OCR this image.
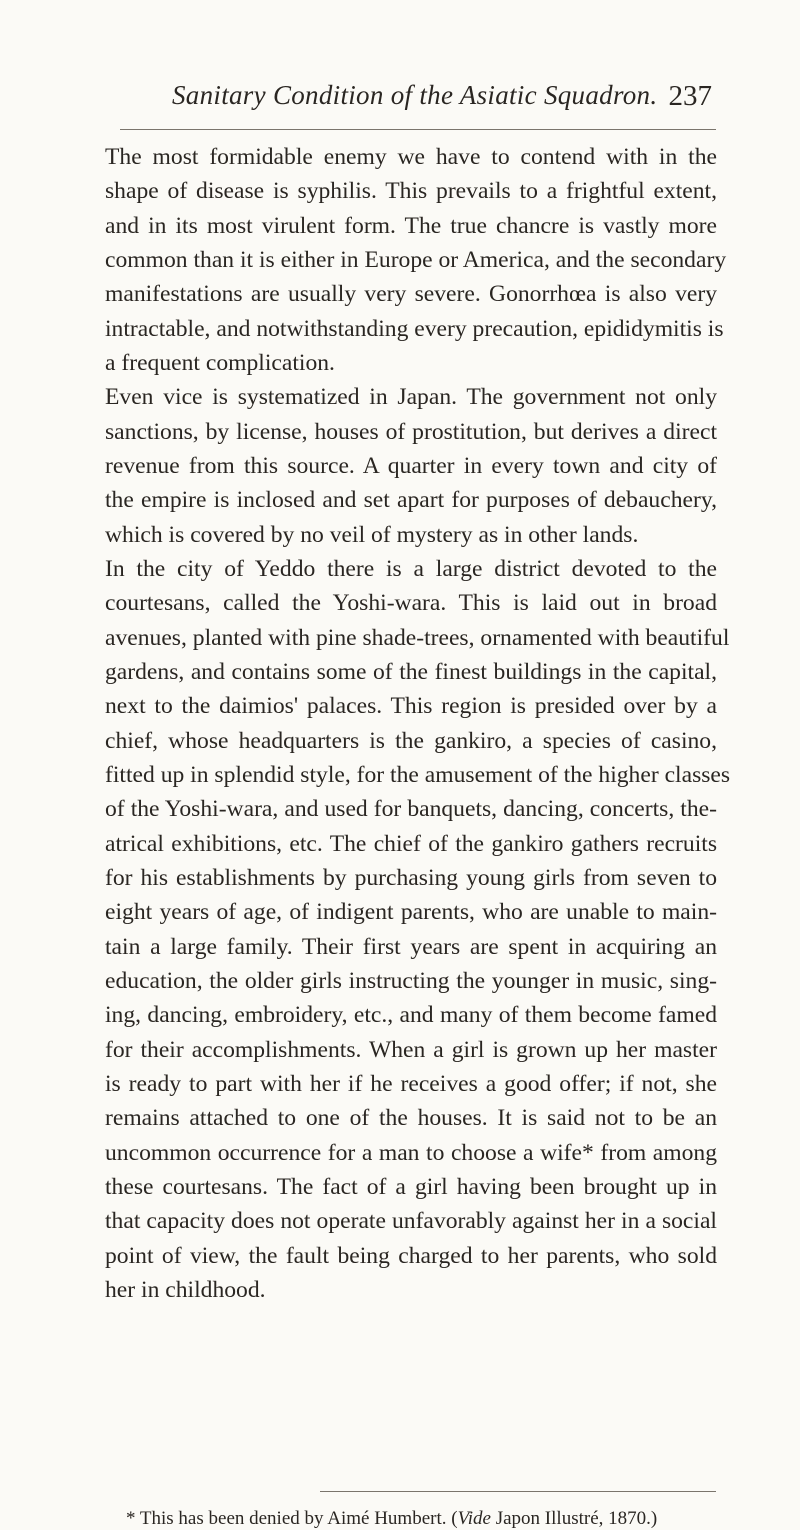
Sanitary Condition of the Asiatic Squadron. 237
The most formidable enemy we have to contend with in the
shape of disease is syphilis. This prevails to a frightful extent,
and in its most virulent form. The true chancre is vastly more
common than it is either in Europe or America, and the secondary
manifestations are usually very severe. Gonorrhœa is also very
intractable, and notwithstanding every precaution, epididymitis is
a frequent complication.
Even vice is systematized in Japan. The government not only
sanctions, by license, houses of prostitution, but derives a direct
revenue from this source. A quarter in every town and city of
the empire is inclosed and set apart for purposes of debauchery,
which is covered by no veil of mystery as in other lands.
In the city of Yeddo there is a large district devoted to the
courtesans, called the Yoshi-wara. This is laid out in broad
avenues, planted with pine shade-trees, ornamented with beautiful
gardens, and contains some of the finest buildings in the capital,
next to the daimios' palaces. This region is presided over by a
chief, whose headquarters is the gankiro, a species of casino,
fitted up in splendid style, for the amusement of the higher classes
of the Yoshi-wara, and used for banquets, dancing, concerts, the-
atrical exhibitions, etc. The chief of the gankiro gathers recruits
for his establishments by purchasing young girls from seven to
eight years of age, of indigent parents, who are unable to main-
tain a large family. Their first years are spent in acquiring an
education, the older girls instructing the younger in music, sing-
ing, dancing, embroidery, etc., and many of them become famed
for their accomplishments. When a girl is grown up her master
is ready to part with her if he receives a good offer; if not, she
remains attached to one of the houses. It is said not to be an
uncommon occurrence for a man to choose a wife* from among
these courtesans. The fact of a girl having been brought up in
that capacity does not operate unfavorably against her in a social
point of view, the fault being charged to her parents, who sold
her in childhood.
* This has been denied by Aimé Humbert. (Vide Japon Illustré, 1870.)
